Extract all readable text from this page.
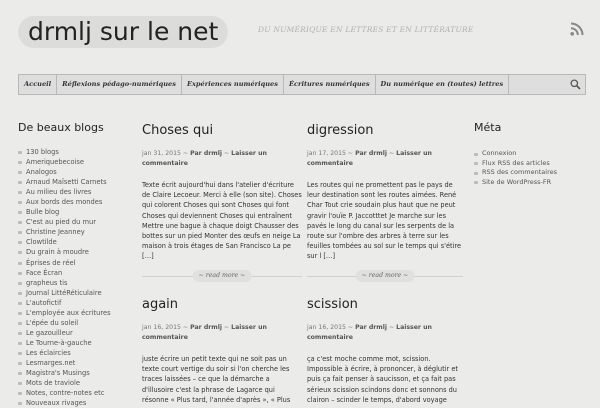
drmlj sur le net	DU NUMÉRIQUE EN LETTRES ET EN LITTÉRATURE
Accueil	Réflexions pédago-numériques	Expériences numériques	Écritures numériques	Du numérique en (toutes) lettres
De beaux blogs
130 blogs
Ameriquebecoise
Analogos
Arnaud Maïsetti Carnets
Au milieu des livres
Aux bords des mondes
Bulle blog
C'est au pied du mur
Christine Jeanney
Clowtilde
Du grain à moudre
Éprises de réel
Face Écran
grapheus tis
Journal LittéRéticulaire
L'autofictif
L'employée aux écritures
L'épée du soleil
Le gazouilleur
Le Tourne-à-gauche
Les éclaircies
Lesmarges.net
Magistra's Musings
Mots de traviole
Notes, contre-notes etc
Nouveaux rivages
Méta
Connexion
Flux RSS des articles
RSS des commentaires
Site de WordPress-FR
Choses qui
jan 31, 2015 ~ Par drmlj ~ Laisser un commentaire
Texte écrit aujourd'hui dans l'atelier d'écriture de Claire Lecoeur. Merci à elle (son site). Choses qui colorent Choses qui sont Choses qui font Choses qui deviennent Choses qui entraînent Mettre une bague à chaque doigt Chausser des bottes sur un pied Monter des œufs en neige La maison à trois étages de San Francisco La pe […]
~ read more ~
digression
jan 17, 2015 ~ Par drmlj ~ Laisser un commentaire
Les routes qui ne promettent pas le pays de leur destination sont les routes aimées. René Char Tout crie soudain plus haut que ne peut gravir l'ouïe P. Jaccotttet Je marche sur les pavés le long du canal sur les serpents de la route sur l'ombre des arbres à terre sur les feuilles tombées au sol sur le temps qui s'étire sur l […]
~ read more ~
again
jan 16, 2015 ~ Par drmlj ~ Laisser un commentaire
juste écrire un petit texte qui ne soit pas un texte court vertige du soir si l'on cherche les traces laissées – ce que la démarche a d'illusoire c'est la phrase de Lagarce qui résonne « Plus tard, l'année d'après », « Plus
scission
jan 16, 2015 ~ Par drmlj ~ Laisser un commentaire
ça c'est moche comme mot, scission. Impossible à écrire, à prononcer, à déglutir et puis ça fait penser à saucisson, et ça fait pas sérieux scission scindons donc et sonnons du clairon – scinder le temps, d'abord voyage
